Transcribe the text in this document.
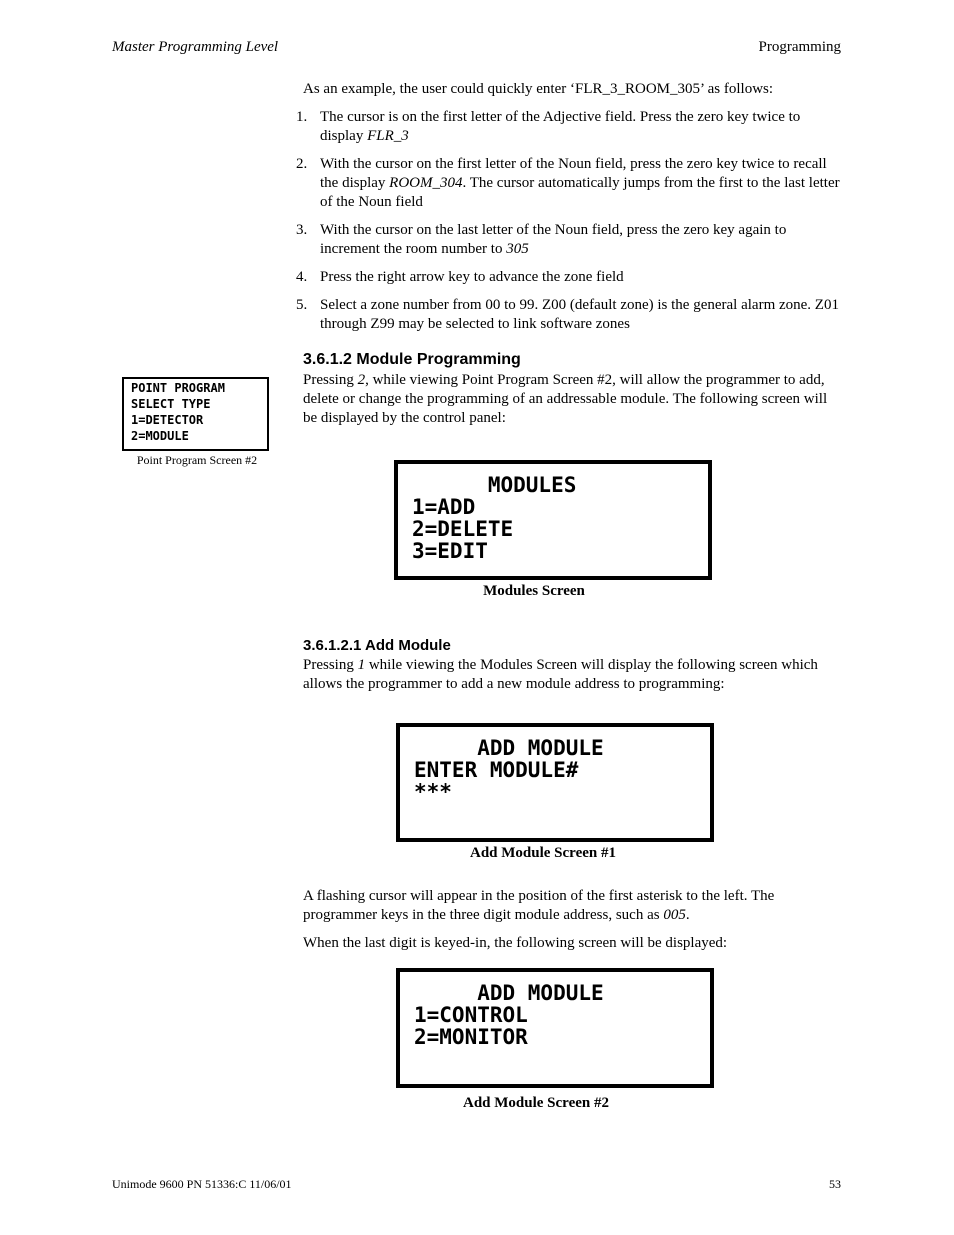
Master Programming Level	Programming

As an example, the user could quickly enter ‘FLR_3_ROOM_305’ as follows:

1. The cursor is on the first letter of the Adjective field. Press the zero key twice to display FLR_3
2. With the cursor on the first letter of the Noun field, press the zero key twice to recall the display ROOM_304. The cursor automatically jumps from the first to the last letter of the Noun field
3. With the cursor on the last letter of the Noun field, press the zero key again to increment the room number to 305
4. Press the right arrow key to advance the zone field
5. Select a zone number from 00 to 99. Z00 (default zone) is the general alarm zone. Z01 through Z99 may be selected to link software zones
3.6.1.2 Module Programming

Pressing 2, while viewing Point Program Screen #2, will allow the programmer to add, delete or change the programming of an addressable module. The following screen will be displayed by the control panel:

POINT PROGRAM
SELECT TYPE
1=DETECTOR
2=MODULE
Point Program Screen #2
MODULES
1=ADD
2=DELETE
3=EDIT
Modules Screen
3.6.1.2.1 Add Module

Pressing 1 while viewing the Modules Screen will display the following screen which allows the programmer to add a new module address to programming:

ADD MODULE
ENTER MODULE#
***
Add Module Screen #1

A flashing cursor will appear in the position of the first asterisk to the left. The programmer keys in the three digit module address, such as 005.

When the last digit is keyed-in, the following screen will be displayed:

ADD MODULE
1=CONTROL
2=MONITOR
Add Module Screen #2
Unimode 9600 PN 51336:C 11/06/01	53
